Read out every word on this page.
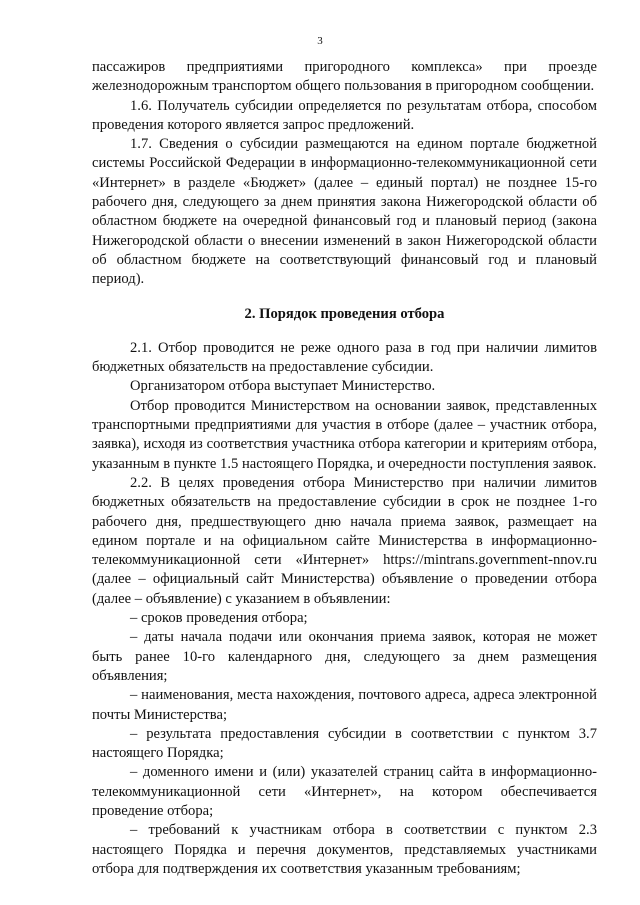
3

пассажиров предприятиями пригородного комплекса» при проезде железнодорожным транспортом общего пользования в пригородном сообщении.

1.6. Получатель субсидии определяется по результатам отбора, способом проведения которого является запрос предложений.

1.7. Сведения о субсидии размещаются на едином портале бюджетной системы Российской Федерации в информационно-телекоммуникационной сети «Интернет» в разделе «Бюджет» (далее – единый портал) не позднее 15-го рабочего дня, следующего за днем принятия закона Нижегородской области об областном бюджете на очередной финансовый год и плановый период (закона Нижегородской области о внесении изменений в закон Нижегородской области об областном бюджете на соответствующий финансовый год и плановый период).

2. Порядок проведения отбора

2.1. Отбор проводится не реже одного раза в год при наличии лимитов бюджетных обязательств на предоставление субсидии.

Организатором отбора выступает Министерство.

Отбор проводится Министерством на основании заявок, представленных транспортными предприятиями для участия в отборе (далее – участник отбора, заявка), исходя из соответствия участника отбора категории и критериям отбора, указанным в пункте 1.5 настоящего Порядка, и очередности поступления заявок.

2.2. В целях проведения отбора Министерство при наличии лимитов бюджетных обязательств на предоставление субсидии в срок не позднее 1-го рабочего дня, предшествующего дню начала приема заявок, размещает на едином портале и на официальном сайте Министерства в информационно-телекоммуникационной сети «Интернет» https://mintrans.government-nnov.ru (далее – официальный сайт Министерства) объявление о проведении отбора (далее – объявление) с указанием в объявлении:

– сроков проведения отбора;

– даты начала подачи или окончания приема заявок, которая не может быть ранее 10-го календарного дня, следующего за днем размещения объявления;

– наименования, места нахождения, почтового адреса, адреса электронной почты Министерства;

– результата предоставления субсидии в соответствии с пунктом 3.7 настоящего Порядка;

– доменного имени и (или) указателей страниц сайта в информационно-телекоммуникационной сети «Интернет», на котором обеспечивается проведение отбора;

– требований к участникам отбора в соответствии с пунктом 2.3 настоящего Порядка и перечня документов, представляемых участниками отбора для подтверждения их соответствия указанным требованиям;
